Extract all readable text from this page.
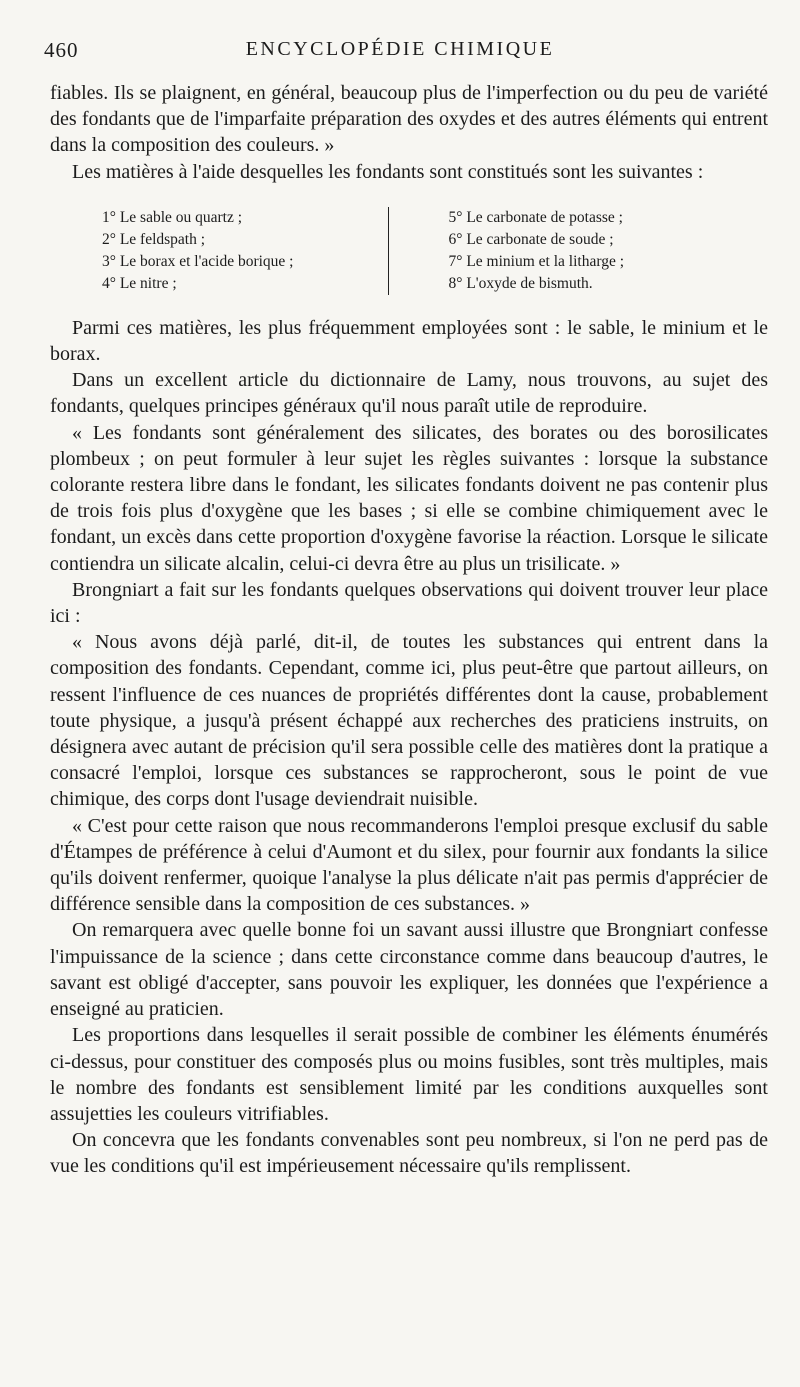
460	ENCYCLOPÉDIE CHIMIQUE

fiables. Ils se plaignent, en général, beaucoup plus de l'imperfection ou du peu de variété des fondants que de l'imparfaite préparation des oxydes et des autres éléments qui entrent dans la composition des couleurs. »

Les matières à l'aide desquelles les fondants sont constitués sont les suivantes :

1° Le sable ou quartz ;
2° Le feldspath ;
3° Le borax et l'acide borique ;
4° Le nitre ;
5° Le carbonate de potasse ;
6° Le carbonate de soude ;
7° Le minium et la litharge ;
8° L'oxyde de bismuth.

Parmi ces matières, les plus fréquemment employées sont : le sable, le minium et le borax.

Dans un excellent article du dictionnaire de Lamy, nous trouvons, au sujet des fondants, quelques principes généraux qu'il nous paraît utile de reproduire.

« Les fondants sont généralement des silicates, des borates ou des borosilicates plombeux ; on peut formuler à leur sujet les règles suivantes : lorsque la substance colorante restera libre dans le fondant, les silicates fondants doivent ne pas contenir plus de trois fois plus d'oxygène que les bases ; si elle se combine chimiquement avec le fondant, un excès dans cette proportion d'oxygène favorise la réaction. Lorsque le silicate contiendra un silicate alcalin, celui-ci devra être au plus un trisilicate. »

Brongniart a fait sur les fondants quelques observations qui doivent trouver leur place ici :

« Nous avons déjà parlé, dit-il, de toutes les substances qui entrent dans la composition des fondants. Cependant, comme ici, plus peut-être que partout ailleurs, on ressent l'influence de ces nuances de propriétés différentes dont la cause, probablement toute physique, a jusqu'à présent échappé aux recherches des praticiens instruits, on désignera avec autant de précision qu'il sera possible celle des matières dont la pratique a consacré l'emploi, lorsque ces substances se rapprocheront, sous le point de vue chimique, des corps dont l'usage deviendrait nuisible.

« C'est pour cette raison que nous recommanderons l'emploi presque exclusif du sable d'Étampes de préférence à celui d'Aumont et du silex, pour fournir aux fondants la silice qu'ils doivent renfermer, quoique l'analyse la plus délicate n'ait pas permis d'apprécier de différence sensible dans la composition de ces substances. »

On remarquera avec quelle bonne foi un savant aussi illustre que Brongniart confesse l'impuissance de la science ; dans cette circonstance comme dans beaucoup d'autres, le savant est obligé d'accepter, sans pouvoir les expliquer, les données que l'expérience a enseigné au praticien.

Les proportions dans lesquelles il serait possible de combiner les éléments énumérés ci-dessus, pour constituer des composés plus ou moins fusibles, sont très multiples, mais le nombre des fondants est sensiblement limité par les conditions auxquelles sont assujetties les couleurs vitrifiables.

On concevra que les fondants convenables sont peu nombreux, si l'on ne perd pas de vue les conditions qu'il est impérieusement nécessaire qu'ils remplissent.
